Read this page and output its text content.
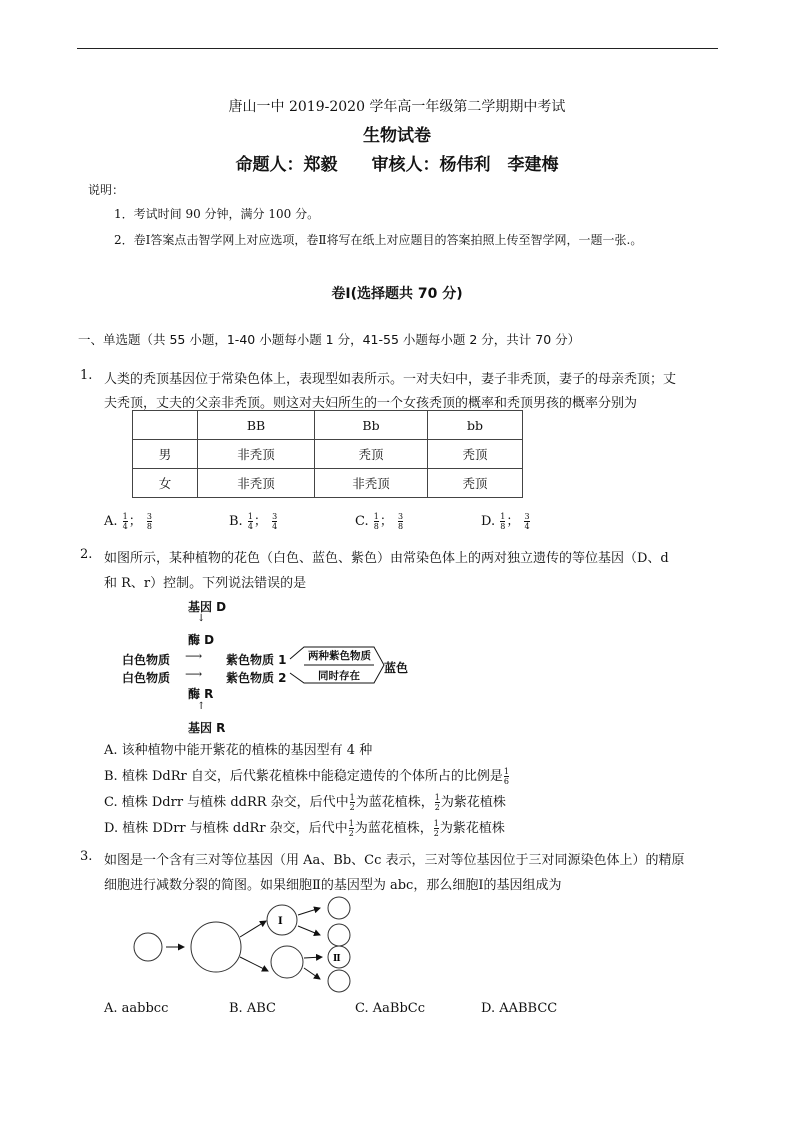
唐山一中 2019-2020 学年高一年级第二学期期中考试
生物试卷
命题人：郑毅　　审核人：杨伟利　李建梅
说明：
1．考试时间 90 分钟，满分 100 分。
2．卷Ⅰ答案点击智学网上对应选项，卷Ⅱ将写在纸上对应题目的答案拍照上传至智学网，一题一张.。
卷Ⅰ(选择题共 70 分)
一、单选题（共 55 小题，1-40 小题每小题 1 分，41-55 小题每小题 2 分，共计 70 分）
1. 人类的秃顶基因位于常染色体上，表现型如表所示。一对夫妇中，妻子非秃顶，妻子的母亲秃顶；丈
夫秃顶，丈夫的父亲非秃顶。则这对夫妇所生的一个女孩秃顶的概率和秃顶男孩的概率分别为
	BB	Bb	bb
男	非秃顶	秃顶	秃顶
女	非秃顶	非秃顶	秃顶
A. $\frac{1}{4}$ ； $\frac{3}{8}$	B. $\frac{1}{4}$ ； $\frac{3}{4}$	C. $\frac{1}{8}$ ； $\frac{3}{8}$	D. $\frac{1}{8}$ ； $\frac{3}{4}$
2. 如图所示，某种植物的花色（白色、蓝色、紫色）由常染色体上的两对独立遗传的等位基因（D、d
和 R、r）控制。下列说法错误的是
基因 D
↓
酶 D
白色物质 ⟶ 紫色物质 1
白色物质 ⟶ 紫色物质 2
两种紫色物质
同时存在
蓝色
酶 R
↑
基因 R
A. 该种植物中能开紫花的植株的基因型有 4 种
B. 植株 DdRr 自交，后代紫花植株中能稳定遗传的个体所占的比例是 $\frac{1}{6}$
C. 植株 Ddrr 与植株 ddRR 杂交，后代中 $\frac{1}{2}$ 为蓝花植株， $\frac{1}{2}$ 为紫花植株
D. 植株 DDrr 与植株 ddRr 杂交，后代中 $\frac{1}{2}$ 为蓝花植株， $\frac{1}{2}$ 为紫花植株
3. 如图是一个含有三对等位基因（用 Aa、Bb、Cc 表示，三对等位基因位于三对同源染色体上）的精原
细胞进行减数分裂的简图。如果细胞Ⅱ的基因型为 abc，那么细胞Ⅰ的基因组成为
Ⅰ
Ⅱ
A. aabbcc	B. ABC	C. AaBbCc	D. AABBCC
